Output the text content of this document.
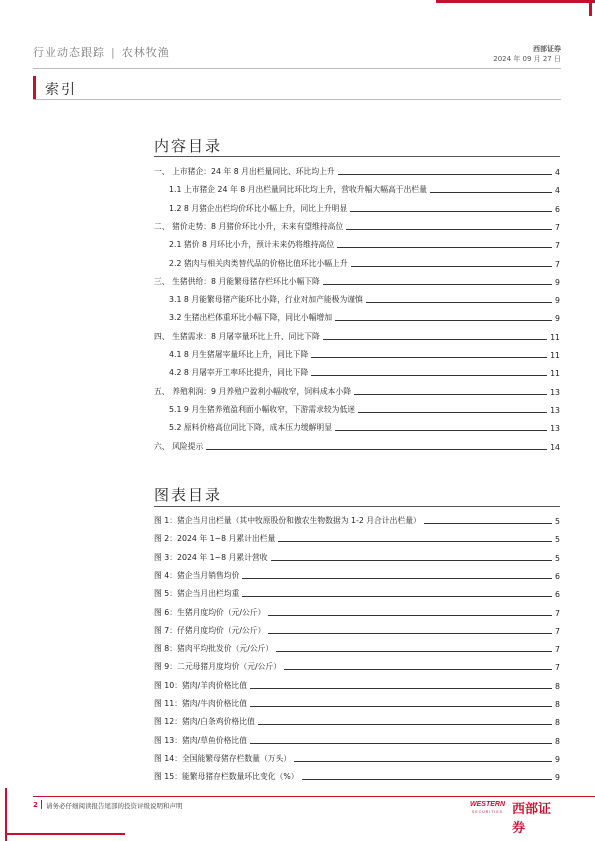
行业动态跟踪 | 农林牧渔	西部证券
2024 年 09 月 27 日
索引
内容目录
一、 上市猪企：24 年 8 月出栏量同比、环比均上升	4
1.1 上市猪企 24 年 8 月出栏量同比环比均上升，营收升幅大幅高于出栏量	4
1.2 8 月猪企出栏均价环比小幅上升，同比上升明显	6
二、 猪价走势：8 月猪价环比小升，未来有望维持高位	7
2.1 猪价 8 月环比小升，预计未来仍将维持高位	7
2.2 猪肉与相关肉类替代品的价格比值环比小幅上升	7
三、 生猪供给：8 月能繁母猪存栏环比小幅下降	9
3.1 8 月能繁母猪产能环比小降，行业对加产能极为谨慎	9
3.2 生猪出栏体重环比小幅下降，同比小幅增加	9
四、 生猪需求：8 月屠宰量环比上升、同比下降	11
4.1 8 月生猪屠宰量环比上升，同比下降	11
4.2 8 月屠宰开工率环比提升，同比下降	11
五、 养殖利润：9 月养殖户盈利小幅收窄，饲料成本小降	13
5.1 9 月生猪养殖盈利面小幅收窄，下游需求较为低迷	13
5.2 原料价格高位同比下降，成本压力缓解明显	13
六、 风险提示	14
图表目录
图 1：猪企当月出栏量（其中牧原股份和傲农生物数据为 1-2 月合计出栏量）	5
图 2：2024 年 1~8 月累计出栏量	5
图 3：2024 年 1~8 月累计营收	5
图 4：猪企当月销售均价	6
图 5：猪企当月出栏均重	6
图 6：生猪月度均价（元/公斤）	7
图 7：仔猪月度均价（元/公斤）	7
图 8：猪肉平均批发价（元/公斤）	7
图 9：二元母猪月度均价（元/公斤）	7
图 10：猪肉/羊肉价格比值	8
图 11：猪肉/牛肉价格比值	8
图 12：猪肉/白条鸡价格比值	8
图 13：猪肉/草鱼价格比值	8
图 14：全国能繁母猪存栏数量（万头）	9
图 15：能繁母猪存栏数量环比变化（%）	9
2 请务必仔细阅读报告尾部的投资评级说明和声明	WESTERN
SECURITIES 西部证券
